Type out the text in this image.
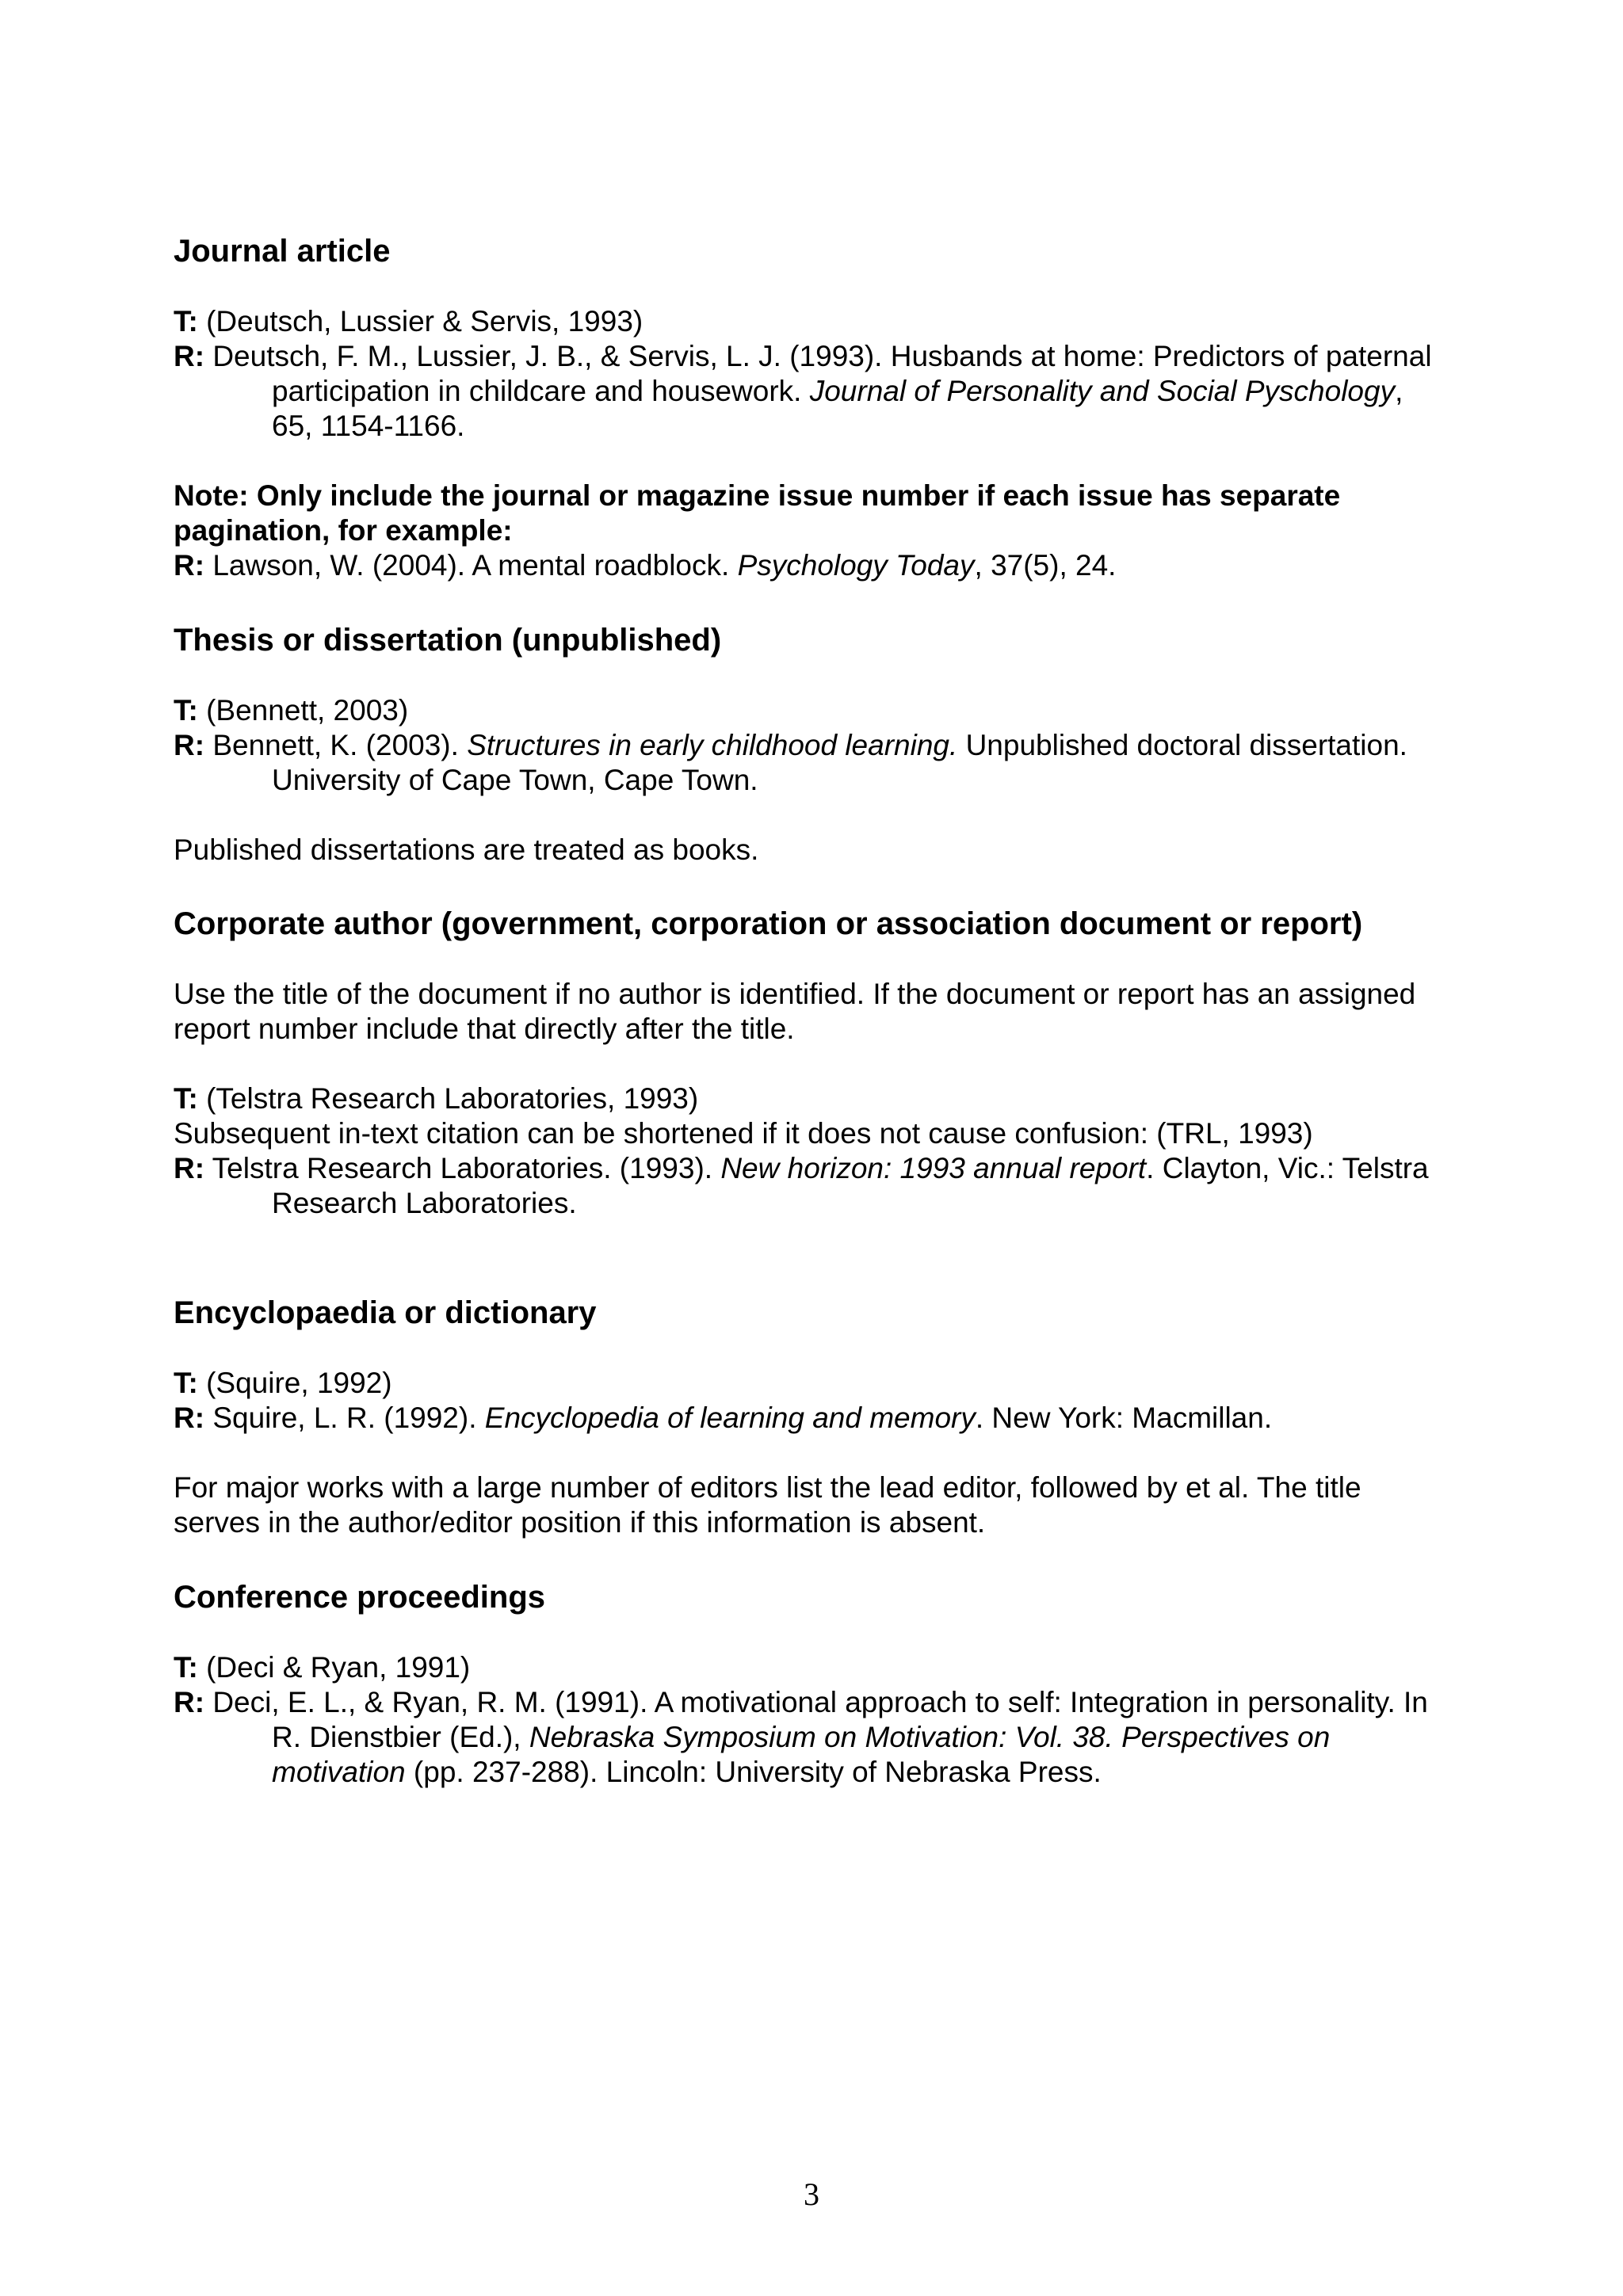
Journal article

T: (Deutsch, Lussier & Servis, 1993)

R: Deutsch, F. M., Lussier, J. B., & Servis, L. J. (1993). Husbands at home: Predictors of paternal participation in childcare and housework. Journal of Personality and Social Pyschology, 65, 1154-1166.

Note: Only include the journal or magazine issue number if each issue has separate pagination, for example:

R: Lawson, W. (2004). A mental roadblock. Psychology Today, 37(5), 24.

Thesis or dissertation (unpublished)

T: (Bennett, 2003)

R: Bennett, K. (2003). Structures in early childhood learning. Unpublished doctoral dissertation. University of Cape Town, Cape Town.

Published dissertations are treated as books.

Corporate author (government, corporation or association document or report)

Use the title of the document if no author is identified. If the document or report has an assigned report number include that directly after the title.

T: (Telstra Research Laboratories, 1993)

Subsequent in-text citation can be shortened if it does not cause confusion: (TRL, 1993)

R: Telstra Research Laboratories. (1993). New horizon: 1993 annual report. Clayton, Vic.: Telstra Research Laboratories.

Encyclopaedia or dictionary

T: (Squire, 1992)

R: Squire, L. R. (1992). Encyclopedia of learning and memory. New York: Macmillan.

For major works with a large number of editors list the lead editor, followed by et al. The title serves in the author/editor position if this information is absent.

Conference proceedings

T: (Deci & Ryan, 1991)

R: Deci, E. L., & Ryan, R. M. (1991). A motivational approach to self: Integration in personality. In R. Dienstbier (Ed.), Nebraska Symposium on Motivation: Vol. 38. Perspectives on motivation (pp. 237-288). Lincoln: University of Nebraska Press.

3
